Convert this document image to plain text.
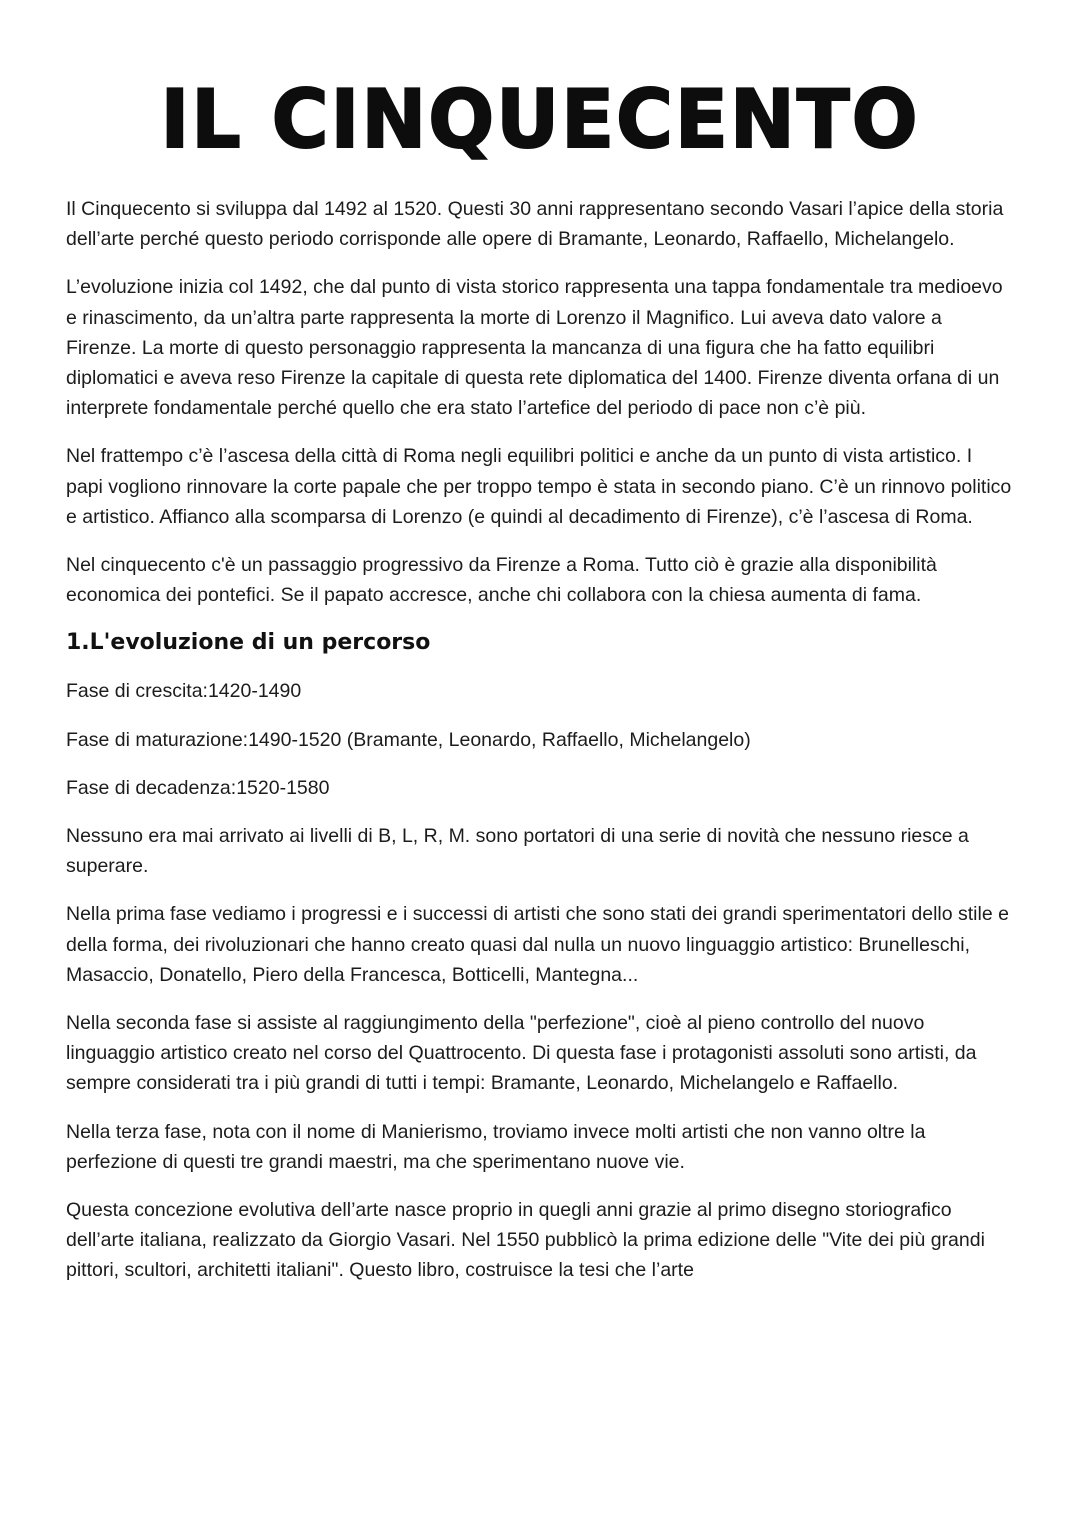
IL CINQUECENTO

Il Cinquecento si sviluppa dal 1492 al 1520. Questi 30 anni rappresentano secondo Vasari l’apice della storia dell’arte perché questo periodo corrisponde alle opere di Bramante, Leonardo, Raffaello, Michelangelo.

L’evoluzione inizia col 1492, che dal punto di vista storico rappresenta una tappa fondamentale tra medioevo e rinascimento, da un’altra parte rappresenta la morte di Lorenzo il Magnifico. Lui aveva dato valore a Firenze. La morte di questo personaggio rappresenta la mancanza di una figura che ha fatto equilibri diplomatici e aveva reso Firenze la capitale di questa rete diplomatica del 1400. Firenze diventa orfana di un interprete fondamentale perché quello che era stato l’artefice del periodo di pace non c’è più.

Nel frattempo c’è l’ascesa della città di Roma negli equilibri politici e anche da un punto di vista artistico. I papi vogliono rinnovare la corte papale che per troppo tempo è stata in secondo piano. C’è un rinnovo politico e artistico. Affianco alla scomparsa di Lorenzo (e quindi al decadimento di Firenze), c’è l’ascesa di Roma.

Nel cinquecento c'è un passaggio progressivo da Firenze a Roma. Tutto ciò è grazie alla disponibilità economica dei pontefici. Se il papato accresce, anche chi collabora con la chiesa aumenta di fama.

1.L'evoluzione di un percorso

Fase di crescita:1420-1490

Fase di maturazione:1490-1520 (Bramante, Leonardo, Raffaello, Michelangelo)

Fase di decadenza:1520-1580

Nessuno era mai arrivato ai livelli di B, L, R, M. sono portatori di una serie di novità che nessuno riesce a superare.

Nella prima fase vediamo i progressi e i successi di artisti che sono stati dei grandi sperimentatori dello stile e della forma, dei rivoluzionari che hanno creato quasi dal nulla un nuovo linguaggio artistico: Brunelleschi, Masaccio, Donatello, Piero della Francesca, Botticelli, Mantegna...

Nella seconda fase si assiste al raggiungimento della "perfezione", cioè al pieno controllo del nuovo linguaggio artistico creato nel corso del Quattrocento. Di questa fase i protagonisti assoluti sono artisti, da sempre considerati tra i più grandi di tutti i tempi: Bramante, Leonardo, Michelangelo e Raffaello.

Nella terza fase, nota con il nome di Manierismo, troviamo invece molti artisti che non vanno oltre la perfezione di questi tre grandi maestri, ma che sperimentano nuove vie.

Questa concezione evolutiva dell’arte nasce proprio in quegli anni grazie al primo disegno storiografico dell’arte italiana, realizzato da Giorgio Vasari. Nel 1550 pubblicò la prima edizione delle "Vite dei più grandi pittori, scultori, architetti italiani". Questo libro, costruisce la tesi che l’arte
